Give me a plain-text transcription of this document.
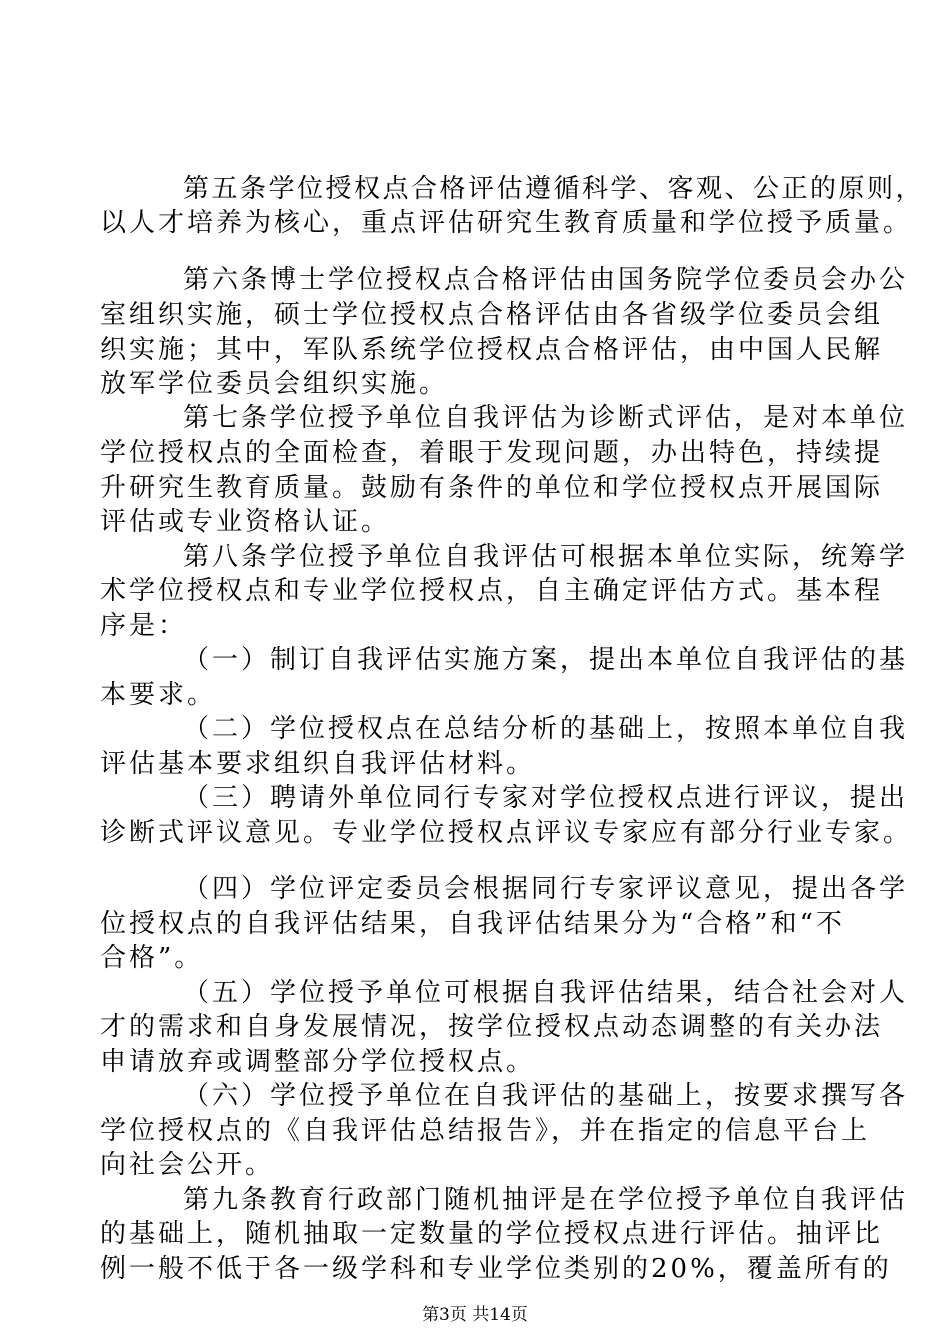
第五条学位授权点合格评估遵循科学、客观、公正的原则，
以人才培养为核心，重点评估研究生教育质量和学位授予质量。
第六条博士学位授权点合格评估由国务院学位委员会办公
室组织实施，硕士学位授权点合格评估由各省级学位委员会组
织实施；其中，军队系统学位授权点合格评估，由中国人民解
放军学位委员会组织实施。
第七条学位授予单位自我评估为诊断式评估，是对本单位
学位授权点的全面检查，着眼于发现问题，办出特色，持续提
升研究生教育质量。鼓励有条件的单位和学位授权点开展国际
评估或专业资格认证。
第八条学位授予单位自我评估可根据本单位实际，统筹学
术学位授权点和专业学位授权点，自主确定评估方式。基本程
序是：
（一）制订自我评估实施方案，提出本单位自我评估的基
本要求。
（二）学位授权点在总结分析的基础上，按照本单位自我
评估基本要求组织自我评估材料。
（三）聘请外单位同行专家对学位授权点进行评议，提出
诊断式评议意见。专业学位授权点评议专家应有部分行业专家。
（四）学位评定委员会根据同行专家评议意见，提出各学
位授权点的自我评估结果，自我评估结果分为“合格”和“不
合格”。
（五）学位授予单位可根据自我评估结果，结合社会对人
才的需求和自身发展情况，按学位授权点动态调整的有关办法
申请放弃或调整部分学位授权点。
（六）学位授予单位在自我评估的基础上，按要求撰写各
学位授权点的《自我评估总结报告》，并在指定的信息平台上
向社会公开。
第九条教育行政部门随机抽评是在学位授予单位自我评估
的基础上，随机抽取一定数量的学位授权点进行评估。抽评比
例一般不低于各一级学科和专业学位类别的20%，覆盖所有的
第3页 共14页
